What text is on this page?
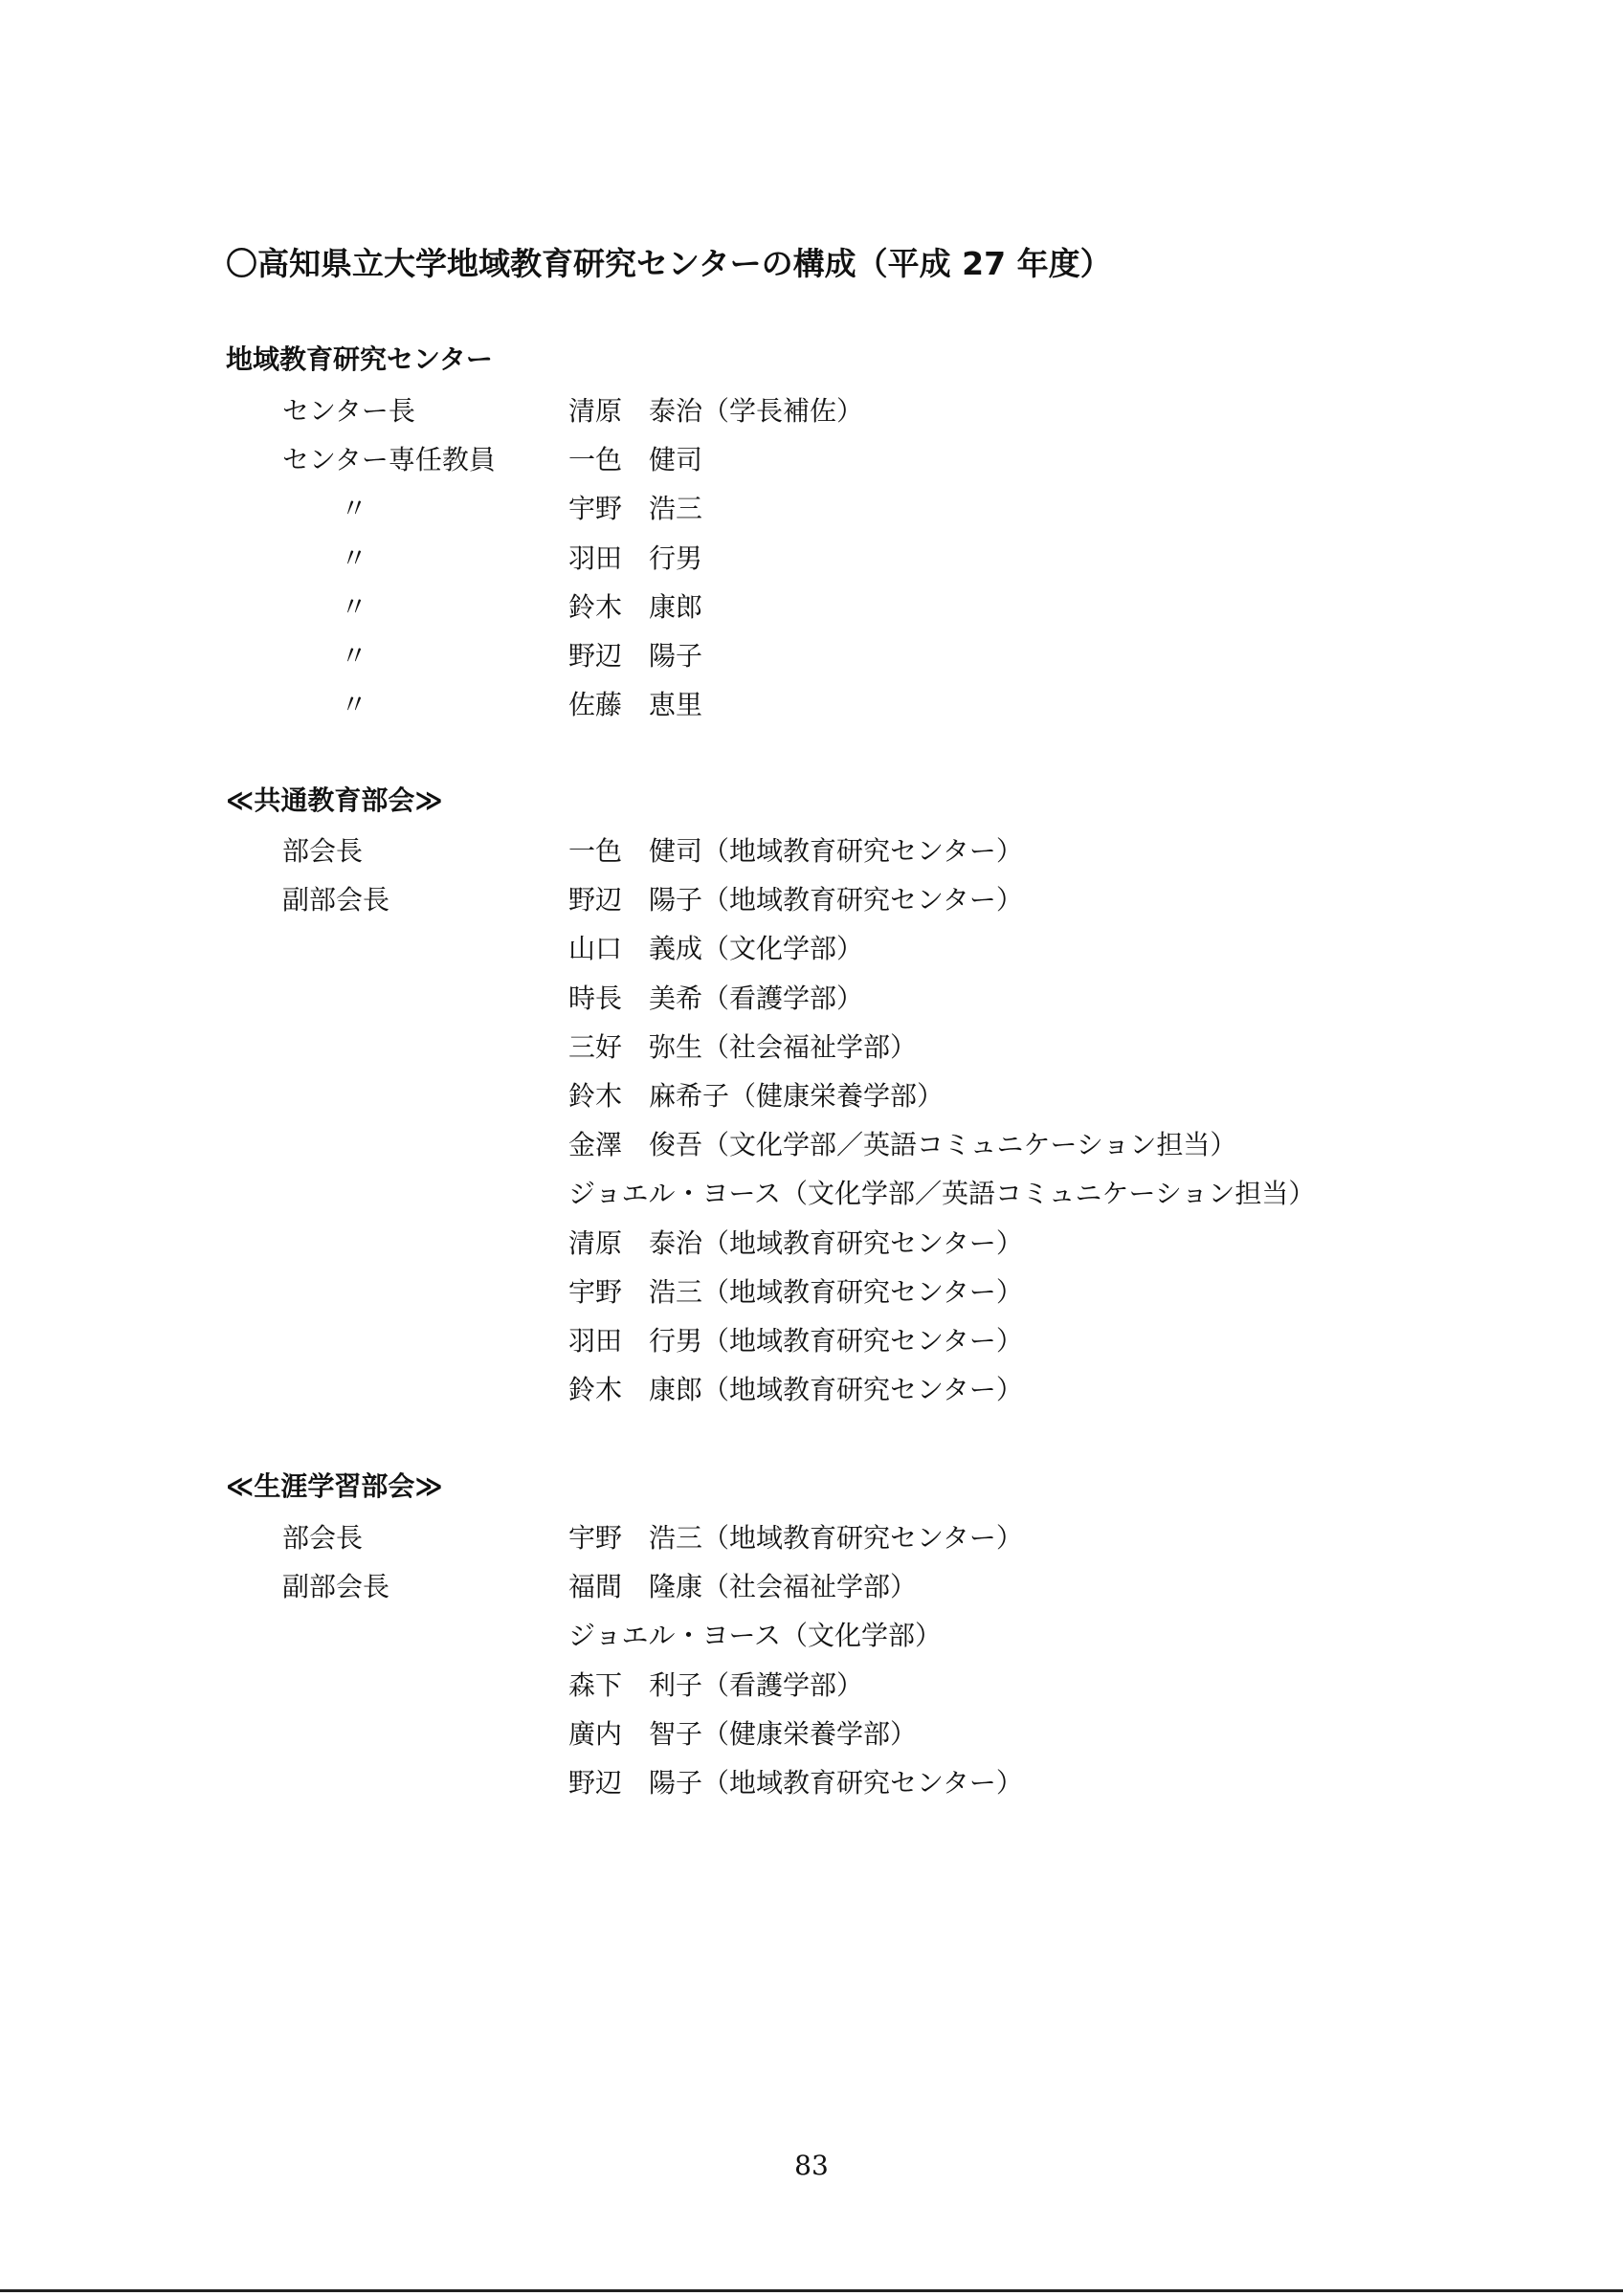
〇高知県立大学地域教育研究センターの構成（平成 27 年度）
地域教育研究センター
センター長	清原　泰治（学長補佐）
センター専任教員	一色　健司
〃	宇野　浩三
〃	羽田　行男
〃	鈴木　康郎
〃	野辺　陽子
〃	佐藤　恵里
≪共通教育部会≫
部会長	一色　健司（地域教育研究センター）
副部会長	野辺　陽子（地域教育研究センター）
山口　義成（文化学部）
時長　美希（看護学部）
三好　弥生（社会福祉学部）
鈴木　麻希子（健康栄養学部）
金澤　俊吾（文化学部／英語コミュニケーション担当）
ジョエル・ヨース（文化学部／英語コミュニケーション担当）
清原　泰治（地域教育研究センター）
宇野　浩三（地域教育研究センター）
羽田　行男（地域教育研究センター）
鈴木　康郎（地域教育研究センター）
≪生涯学習部会≫
部会長	宇野　浩三（地域教育研究センター）
副部会長	福間　隆康（社会福祉学部）
ジョエル・ヨース（文化学部）
森下　利子（看護学部）
廣内　智子（健康栄養学部）
野辺　陽子（地域教育研究センター）
83
